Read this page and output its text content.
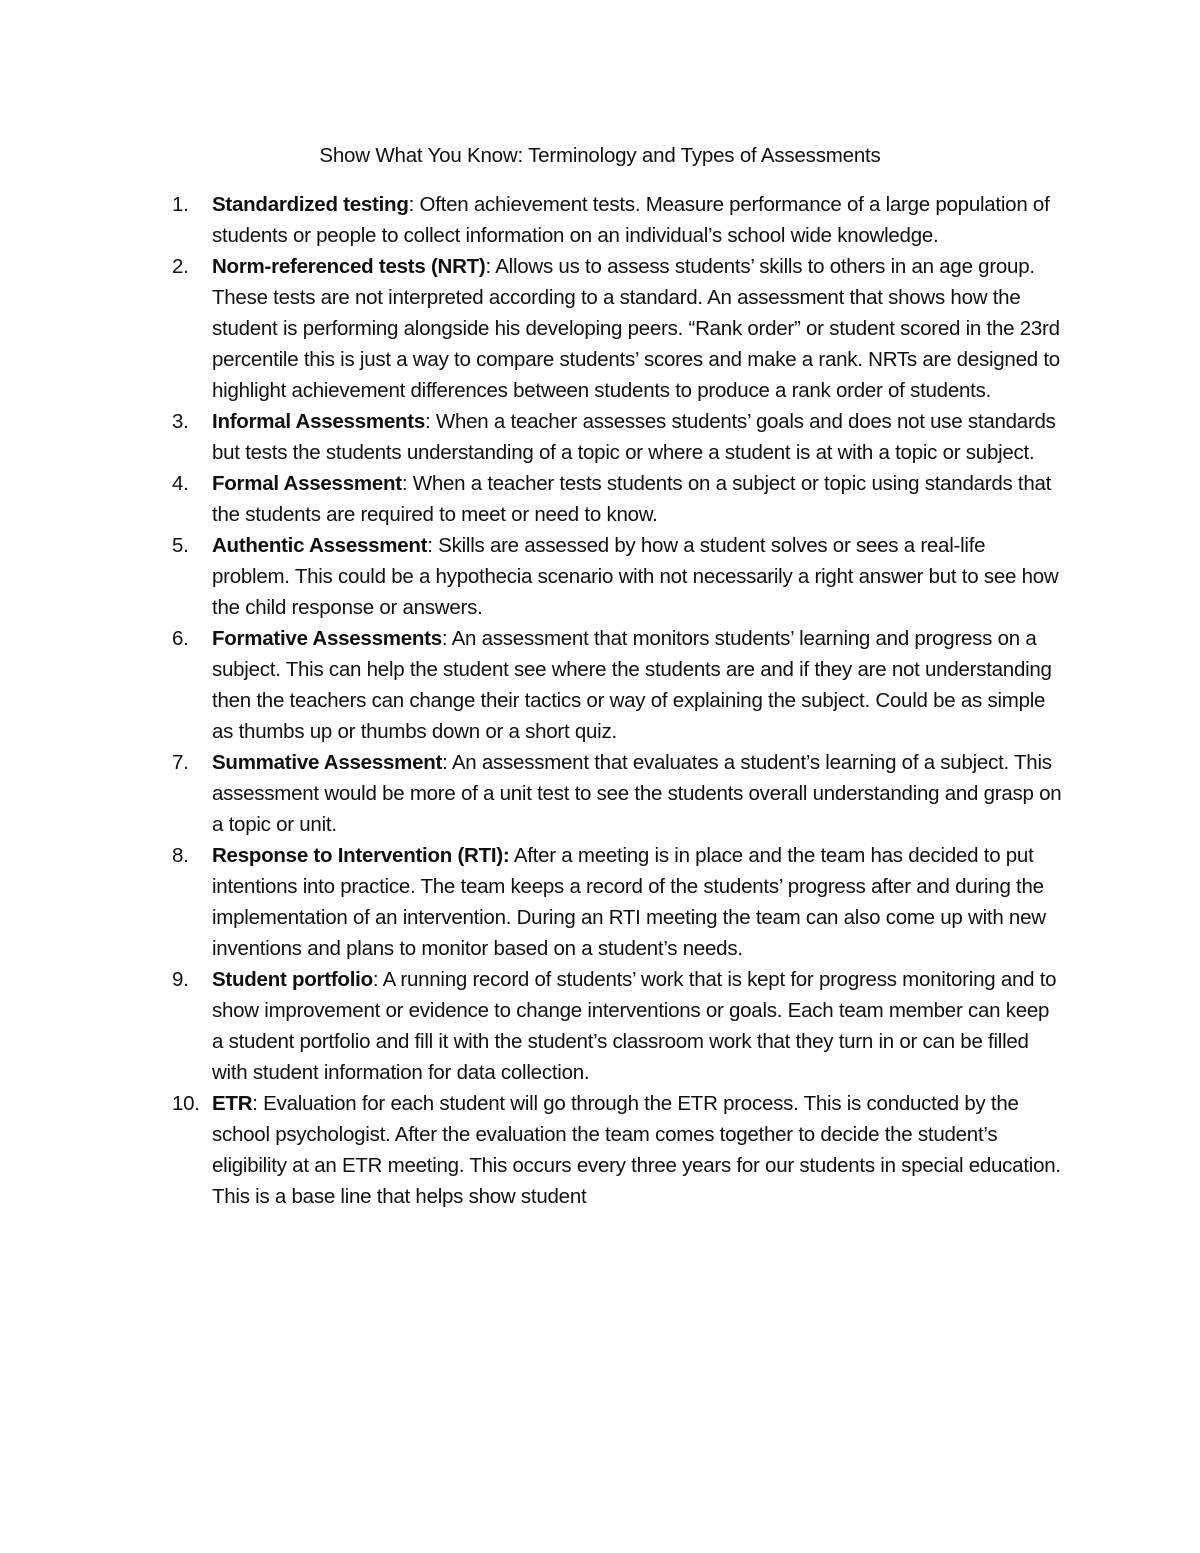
Show What You Know: Terminology and Types of Assessments
1.	Standardized testing: Often achievement tests. Measure performance of a large population of students or people to collect information on an individual’s school wide knowledge.
2.	Norm-referenced tests (NRT): Allows us to assess students’ skills to others in an age group. These tests are not interpreted according to a standard. An assessment that shows how the student is performing alongside his developing peers. “Rank order” or student scored in the 23rd percentile this is just a way to compare students’ scores and make a rank. NRTs are designed to highlight achievement differences between students to produce a rank order of students.
3.	Informal Assessments: When a teacher assesses students’ goals and does not use standards but tests the students understanding of a topic or where a student is at with a topic or subject.
4.	Formal Assessment: When a teacher tests students on a subject or topic using standards that the students are required to meet or need to know.
5.	Authentic Assessment: Skills are assessed by how a student solves or sees a real-life problem. This could be a hypothecia scenario with not necessarily a right answer but to see how the child response or answers.
6.	Formative Assessments: An assessment that monitors students’ learning and progress on a subject. This can help the student see where the students are and if they are not understanding then the teachers can change their tactics or way of explaining the subject. Could be as simple as thumbs up or thumbs down or a short quiz.
7.	Summative Assessment: An assessment that evaluates a student’s learning of a subject. This assessment would be more of a unit test to see the students overall understanding and grasp on a topic or unit.
8.	Response to Intervention (RTI): After a meeting is in place and the team has decided to put intentions into practice. The team keeps a record of the students’ progress after and during the implementation of an intervention. During an RTI meeting the team can also come up with new inventions and plans to monitor based on a student’s needs.
9.	Student portfolio: A running record of students’ work that is kept for progress monitoring and to show improvement or evidence to change interventions or goals. Each team member can keep a student portfolio and fill it with the student’s classroom work that they turn in or can be filled with student information for data collection.
10. ETR: Evaluation for each student will go through the ETR process. This is conducted by the school psychologist. After the evaluation the team comes together to decide the student’s eligibility at an ETR meeting. This occurs every three years for our students in special education. This is a base line that helps show student
